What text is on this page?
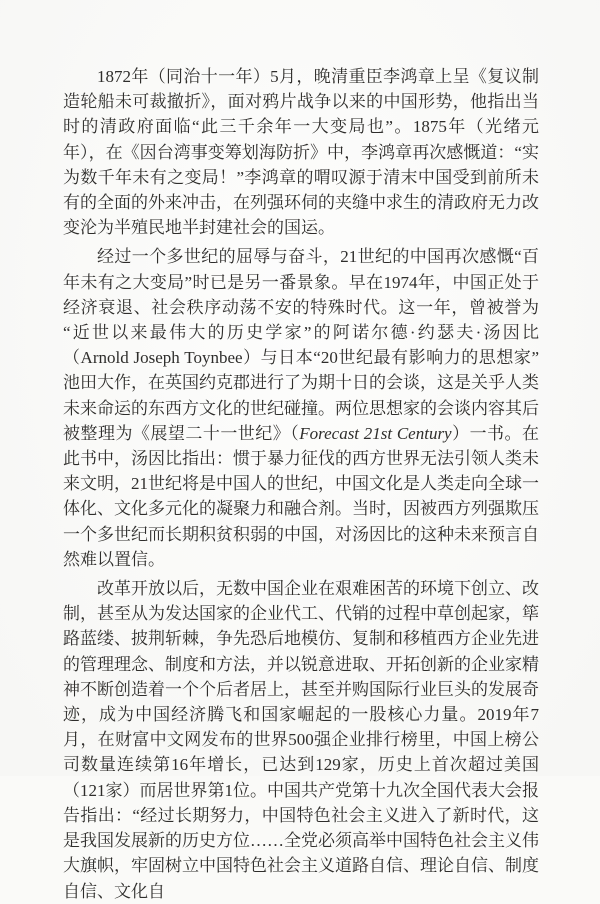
1872年（同治十一年）5月，晚清重臣李鸿章上呈《复议制造轮船未可裁撤折》，面对鸦片战争以来的中国形势，他指出当时的清政府面临“此三千余年一大变局也”。1875年（光绪元年），在《因台湾事变筹划海防折》中，李鸿章再次感慨道：“实为数千年未有之变局！”李鸿章的喟叹源于清末中国受到前所未有的全面的外来冲击，在列强环伺的夹缝中求生的清政府无力改变沦为半殖民地半封建社会的国运。

经过一个多世纪的屈辱与奋斗，21世纪的中国再次感慨“百年未有之大变局”时已是另一番景象。早在1974年，中国正处于经济衰退、社会秩序动荡不安的特殊时代。这一年，曾被誉为“近世以来最伟大的历史学家”的阿诺尔德·约瑟夫·汤因比（Arnold Joseph Toynbee）与日本“20世纪最有影响力的思想家”池田大作，在英国约克郡进行了为期十日的会谈，这是关乎人类未来命运的东西方文化的世纪碰撞。两位思想家的会谈内容其后被整理为《展望二十一世纪》（Forecast 21st Century）一书。在此书中，汤因比指出：惯于暴力征伐的西方世界无法引领人类未来文明，21世纪将是中国人的世纪，中国文化是人类走向全球一体化、文化多元化的凝聚力和融合剂。当时，因被西方列强欺压一个多世纪而长期积贫积弱的中国，对汤因比的这种未来预言自然难以置信。

改革开放以后，无数中国企业在艰难困苦的环境下创立、改制，甚至从为发达国家的企业代工、代销的过程中草创起家，筚路蓝缕、披荆斩棘，争先恐后地模仿、复制和移植西方企业先进的管理理念、制度和方法，并以锐意进取、开拓创新的企业家精神不断创造着一个个后者居上，甚至并购国际行业巨头的发展奇迹，成为中国经济腾飞和国家崛起的一股核心力量。2019年7月，在财富中文网发布的世界500强企业排行榜里，中国上榜公司数量连续第16年增长，已达到129家，历史上首次超过美国（121家）而居世界第1位。中国共产党第十九次全国代表大会报告指出：“经过长期努力，中国特色社会主义进入了新时代，这是我国发展新的历史方位……全党必须高举中国特色社会主义伟大旗帜，牢固树立中国特色社会主义道路自信、理论自信、制度自信、文化自
